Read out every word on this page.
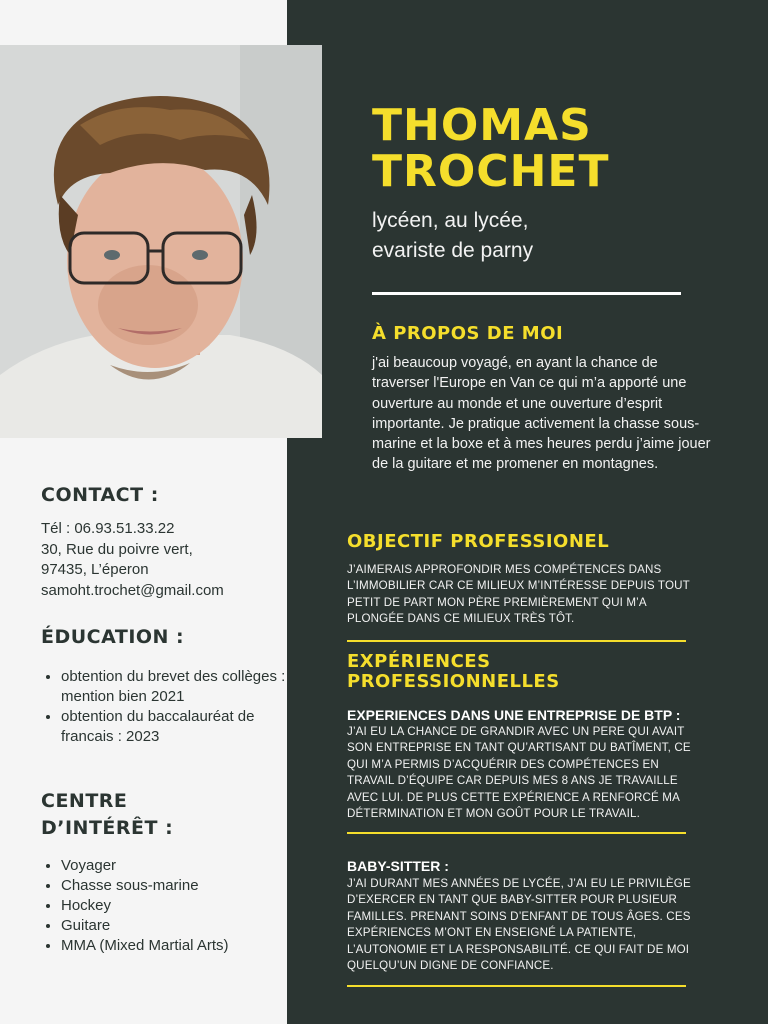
THOMAS
TROCHET
lycéen, au lycée,
evariste de parny
À PROPOS DE MOI
j'ai beaucoup voyagé, en ayant la chance de traverser l'Europe en Van ce qui m’a apporté une ouverture au monde et une ouverture d’esprit importante. Je pratique activement la chasse sous-marine et la boxe et à mes heures perdu j’aime jouer de la guitare et me promener en montagnes.
OBJECTIF PROFESSIONEL
J’AIMERAIS APPROFONDIR MES COMPÉTENCES DANS L’IMMOBILIER CAR CE MILIEUX M’INTÉRESSE DEPUIS TOUT PETIT DE PART MON PÈRE PREMIÈREMENT QUI M’A PLONGÉE DANS CE MILIEUX TRÈS TÔT.
EXPÉRIENCES
PROFESSIONNELLES
EXPERIENCES DANS UNE ENTREPRISE DE BTP :
J’AI EU LA CHANCE DE GRANDIR AVEC UN PERE QUI AVAIT SON ENTREPRISE EN TANT QU’ARTISANT DU BATÎMENT, CE QUI M’A PERMIS D’ACQUÉRIR DES COMPÉTENCES EN TRAVAIL D’ÉQUIPE CAR DEPUIS MES 8 ANS JE TRAVAILLE AVEC LUI. DE PLUS CETTE EXPÉRIENCE A RENFORCÉ MA DÉTERMINATION ET MON GOÛT POUR LE TRAVAIL.
BABY-SITTER :
J’AI DURANT MES ANNÉES DE LYCÉE, J’AI EU LE PRIVILÈGE D’EXERCER EN TANT QUE BABY-SITTER POUR PLUSIEUR FAMILLES. PRENANT SOINS D’ENFANT DE TOUS ÂGES. CES EXPÉRIENCES M’ONT EN ENSEIGNÉ LA PATIENTE, L’AUTONOMIE ET LA RESPONSABILITÉ. CE QUI FAIT DE MOI QUELQU’UN DIGNE DE CONFIANCE.
CONTACT :
Tél : 06.93.51.33.22
30, Rue du poivre vert,
97435, L’éperon
samoht.trochet@gmail.com
ÉDUCATION :
• obtention du brevet des collèges : mention bien 2021
• obtention du baccalauréat de francais : 2023
CENTRE
D’INTÉRÊT :
• Voyager
• Chasse sous-marine
• Hockey
• Guitare
• MMA (Mixed Martial Arts)
